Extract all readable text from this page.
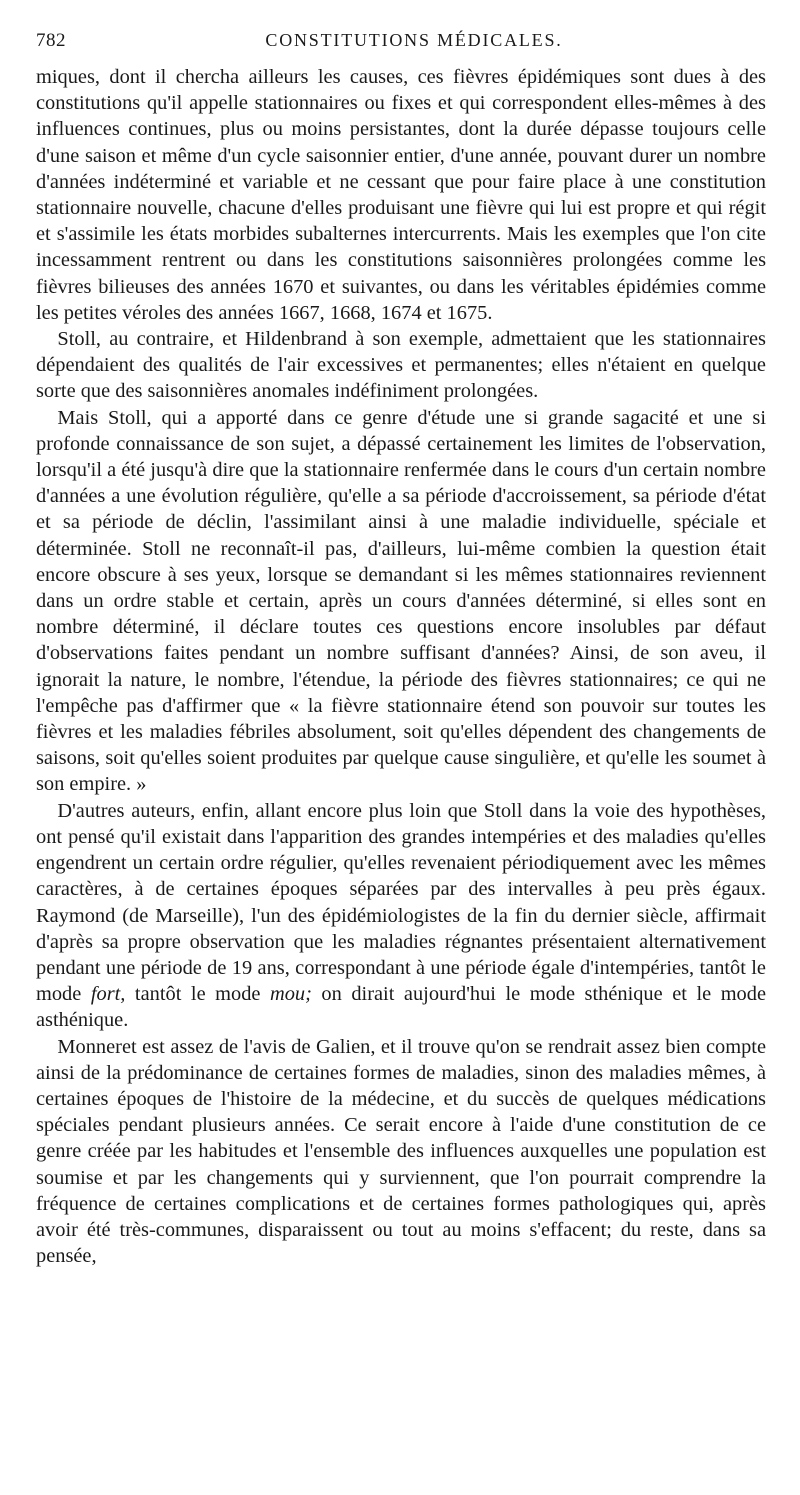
782	CONSTITUTIONS MÉDICALES.

miques, dont il chercha ailleurs les causes, ces fièvres épidémiques sont dues à des constitutions qu'il appelle stationnaires ou fixes et qui correspondent elles-mêmes à des influences continues, plus ou moins persistantes, dont la durée dépasse toujours celle d'une saison et même d'un cycle saisonnier entier, d'une année, pouvant durer un nombre d'années indéterminé et variable et ne cessant que pour faire place à une constitution stationnaire nouvelle, chacune d'elles produisant une fièvre qui lui est propre et qui régit et s'assimile les états morbides subalternes intercurrents. Mais les exemples que l'on cite incessamment rentrent ou dans les constitutions saisonnières prolongées comme les fièvres bilieuses des années 1670 et suivantes, ou dans les véritables épidémies comme les petites véroles des années 1667, 1668, 1674 et 1675.

Stoll, au contraire, et Hildenbrand à son exemple, admettaient que les stationnaires dépendaient des qualités de l'air excessives et permanentes; elles n'étaient en quelque sorte que des saisonnières anomales indéfiniment prolongées.

Mais Stoll, qui a apporté dans ce genre d'étude une si grande sagacité et une si profonde connaissance de son sujet, a dépassé certainement les limites de l'observation, lorsqu'il a été jusqu'à dire que la stationnaire renfermée dans le cours d'un certain nombre d'années a une évolution régulière, qu'elle a sa période d'accroissement, sa période d'état et sa période de déclin, l'assimilant ainsi à une maladie individuelle, spéciale et déterminée. Stoll ne reconnaît-il pas, d'ailleurs, lui-même combien la question était encore obscure à ses yeux, lorsque se demandant si les mêmes stationnaires reviennent dans un ordre stable et certain, après un cours d'années déterminé, si elles sont en nombre déterminé, il déclare toutes ces questions encore insolubles par défaut d'observations faites pendant un nombre suffisant d'années? Ainsi, de son aveu, il ignorait la nature, le nombre, l'étendue, la période des fièvres stationnaires; ce qui ne l'empêche pas d'affirmer que « la fièvre stationnaire étend son pouvoir sur toutes les fièvres et les maladies fébriles absolument, soit qu'elles dépendent des changements de saisons, soit qu'elles soient produites par quelque cause singulière, et qu'elle les soumet à son empire. »

D'autres auteurs, enfin, allant encore plus loin que Stoll dans la voie des hypothèses, ont pensé qu'il existait dans l'apparition des grandes intempéries et des maladies qu'elles engendrent un certain ordre régulier, qu'elles revenaient périodiquement avec les mêmes caractères, à de certaines époques séparées par des intervalles à peu près égaux. Raymond (de Marseille), l'un des épidémiologistes de la fin du dernier siècle, affirmait d'après sa propre observation que les maladies régnantes présentaient alternativement pendant une période de 19 ans, correspondant à une période égale d'intempéries, tantôt le mode fort, tantôt le mode mou; on dirait aujourd'hui le mode sthénique et le mode asthénique.

Monneret est assez de l'avis de Galien, et il trouve qu'on se rendrait assez bien compte ainsi de la prédominance de certaines formes de maladies, sinon des maladies mêmes, à certaines époques de l'histoire de la médecine, et du succès de quelques médications spéciales pendant plusieurs années. Ce serait encore à l'aide d'une constitution de ce genre créée par les habitudes et l'ensemble des influences auxquelles une population est soumise et par les changements qui y surviennent, que l'on pourrait comprendre la fréquence de certaines complications et de certaines formes pathologiques qui, après avoir été très-communes, disparaissent ou tout au moins s'effacent; du reste, dans sa pensée,
